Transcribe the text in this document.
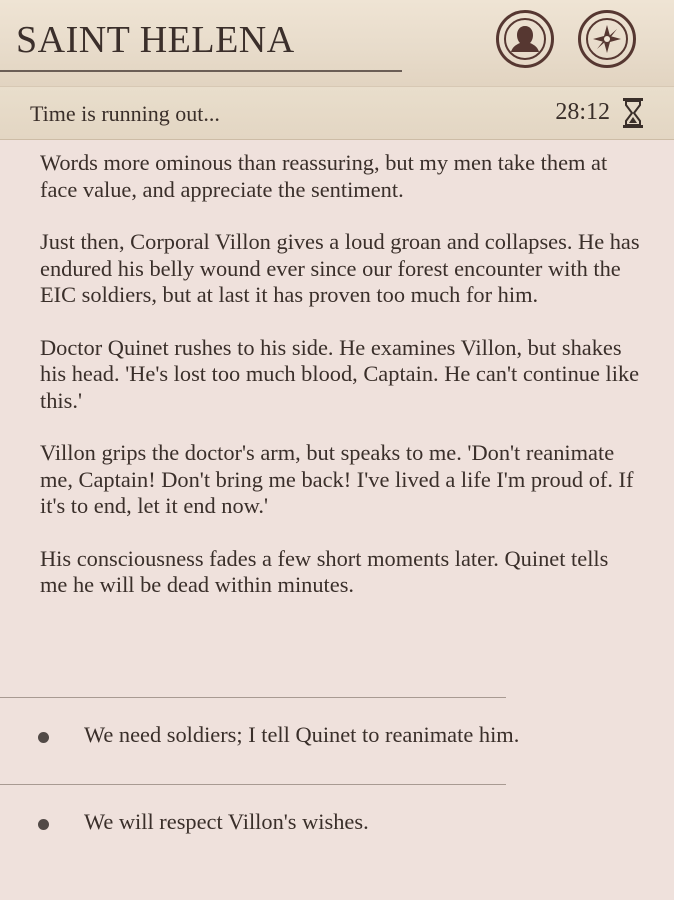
SAINT HELENA
Time is running out...	28:12

Words more ominous than reassuring, but my men take them at face value, and appreciate the sentiment.

Just then, Corporal Villon gives a loud groan and collapses. He has endured his belly wound ever since our forest encounter with the EIC soldiers, but at last it has proven too much for him.

Doctor Quinet rushes to his side. He examines Villon, but shakes his head. 'He's lost too much blood, Captain. He can't continue like this.'

Villon grips the doctor's arm, but speaks to me. 'Don't reanimate me, Captain! Don't bring me back! I've lived a life I'm proud of. If it's to end, let it end now.'

His consciousness fades a few short moments later. Quinet tells me he will be dead within minutes.

We need soldiers; I tell Quinet to reanimate him.
We will respect Villon's wishes.
